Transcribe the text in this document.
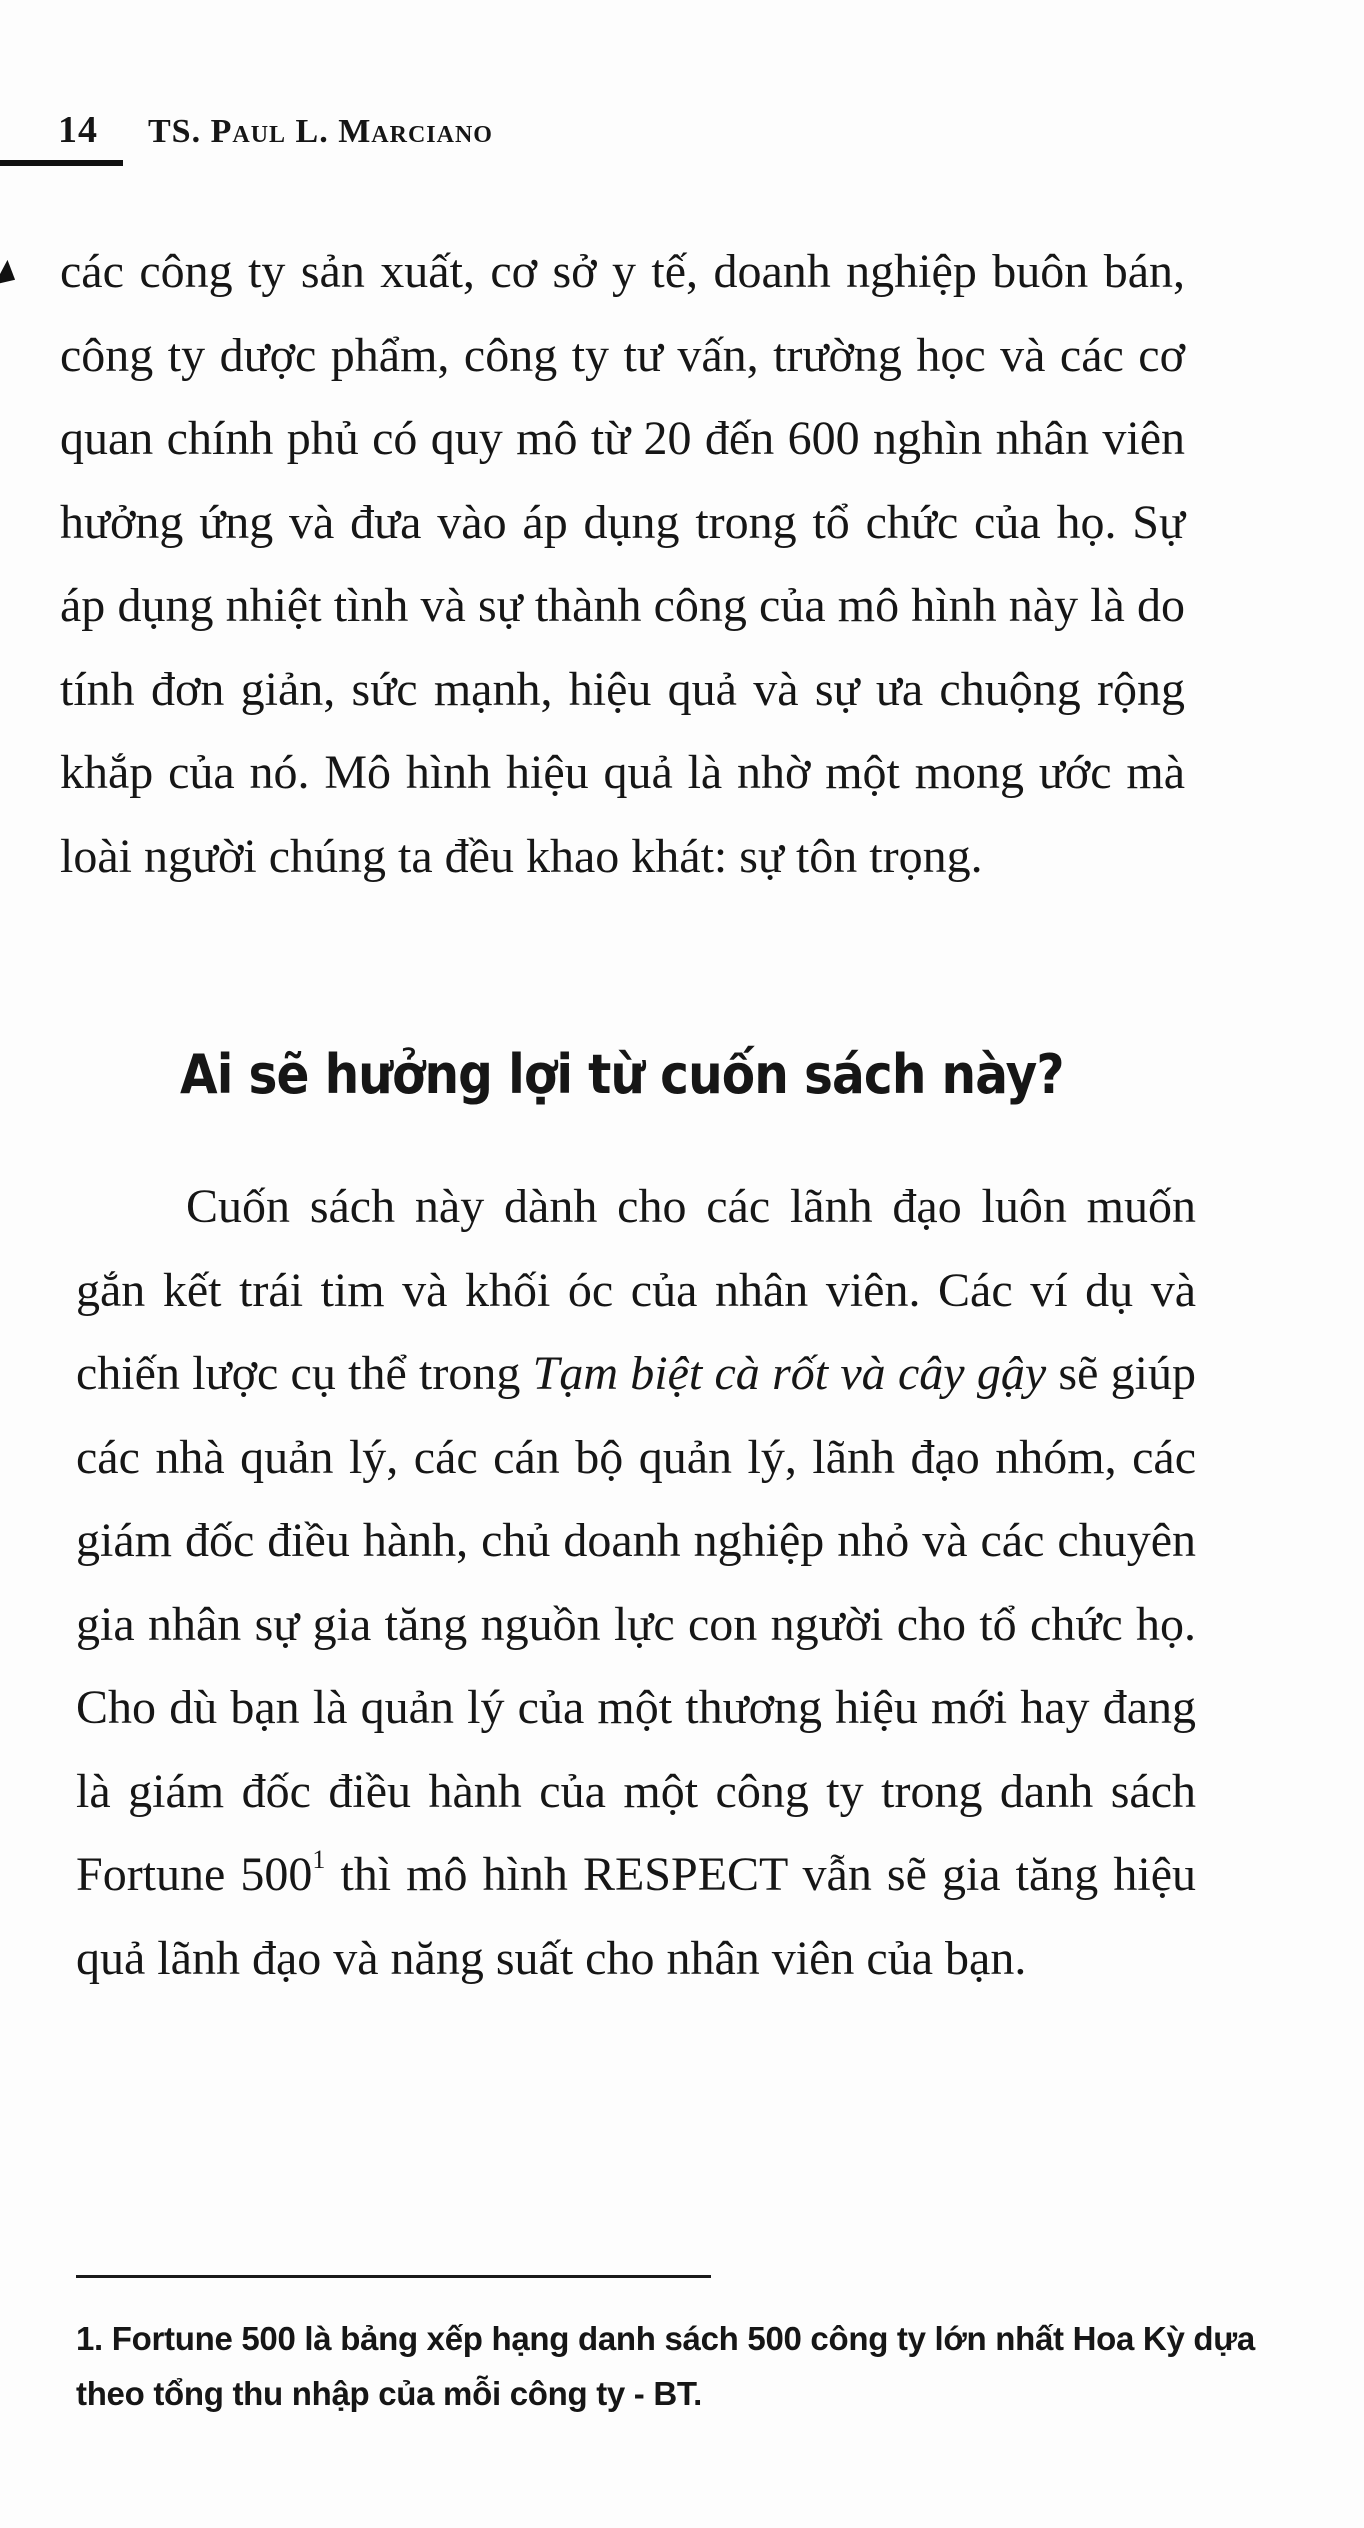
14 TS. Paul L. Marciano

các công ty sản xuất, cơ sở y tế, doanh nghiệp buôn bán, công ty dược phẩm, công ty tư vấn, trường học và các cơ quan chính phủ có quy mô từ 20 đến 600 nghìn nhân viên hưởng ứng và đưa vào áp dụng trong tổ chức của họ. Sự áp dụng nhiệt tình và sự thành công của mô hình này là do tính đơn giản, sức mạnh, hiệu quả và sự ưa chuộng rộng khắp của nó. Mô hình hiệu quả là nhờ một mong ước mà loài người chúng ta đều khao khát: sự tôn trọng.

Ai sẽ hưởng lợi từ cuốn sách này?

Cuốn sách này dành cho các lãnh đạo luôn muốn gắn kết trái tim và khối óc của nhân viên. Các ví dụ và chiến lược cụ thể trong Tạm biệt cà rốt và cây gậy sẽ giúp các nhà quản lý, các cán bộ quản lý, lãnh đạo nhóm, các giám đốc điều hành, chủ doanh nghiệp nhỏ và các chuyên gia nhân sự gia tăng nguồn lực con người cho tổ chức họ. Cho dù bạn là quản lý của một thương hiệu mới hay đang là giám đốc điều hành của một công ty trong danh sách Fortune $500^1$ thì mô hình RESPECT vẫn sẽ gia tăng hiệu quả lãnh đạo và năng suất cho nhân viên của bạn.

1. Fortune 500 là bảng xếp hạng danh sách 500 công ty lớn nhất Hoa Kỳ dựa theo tổng thu nhập của mỗi công ty - BT.
